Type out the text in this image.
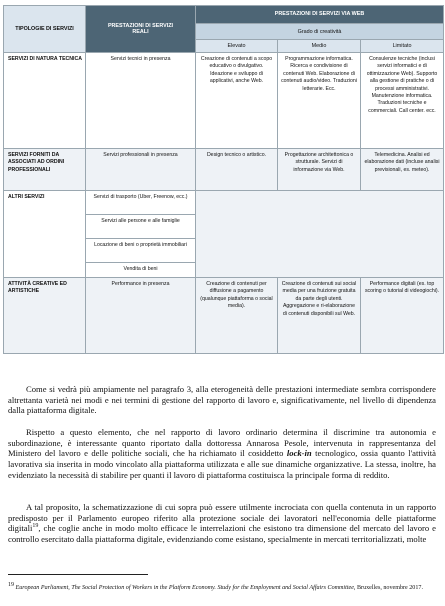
TIPOLOGIE DI SERVIZI	PRESTAZIONI DI SERVIZI REALI	PRESTAZIONI DI SERVIZI VIA WEB		
		Grado di creatività		
		Elevato	Medio	Limitato
SERVIZI DI NATURA TECNICA	Servizi tecnici in presenza	Creazione di contenuti a scopo educativo o divulgativo. Ideazione e sviluppo di applicativi, anche Web.	Programmazione informatica. Ricerca e condivisione di contenuti Web. Elaborazione di contenuti audio/video. Traduzioni letterarie. Ecc.	Consulenze tecniche (inclusi servizi informatici e di ottimizzazione Web). Supporto alla gestione di pratiche o di processi amministrativi. Manutenzione informatica. Traduzioni tecniche e commerciali. Call center. ecc.
SERVIZI FORNITI DA ASSOCIATI AD ORDINI PROFESSIONALI	Servizi professionali in presenza	Design tecnico o artistico.	Progettazione architettonica o strutturale. Servizi di informazione via Web.	Telemedicina. Analisi ed elaborazione dati (incluse analisi previsionali, es. meteo).
ALTRI SERVIZI	Servizi di trasporto (Uber, Freenow, ecc.)			
	Servizi alle persone e alle famiglie			
	Locazione di beni o proprietà immobiliari			
	Vendita di beni			
ATTIVITÀ CREATIVE ED ARTISTICHE	Performance in presenza	Creazione di contenuti per diffusione a pagamento (qualunque piattaforma o social media).	Creazione di contenuti sui social media per una fruizione gratuita da parte degli utenti. Aggregazione e ri-elaborazione di contenuti disponibili sul Web.	Performance digitali (es. top scoring o tutorial di videogiochi).

Come si vedrà più ampiamente nel paragrafo 3, alla eterogeneità delle prestazioni intermediate sembra corrispondere altrettanta varietà nei modi e nei termini di gestione del rapporto di lavoro e, significativamente, nel livello di dipendenza dalla piattaforma digitale.

Rispetto a questo elemento, che nel rapporto di lavoro ordinario determina il discrimine tra autonomia e subordinazione, è interessante quanto riportato dalla dottoressa Annarosa Pesole, intervenuta in rappresentanza del Ministero del lavoro e delle politiche sociali, che ha richiamato il cosiddetto lock-in tecnologico, ossia quanto l'attività lavorativa sia inserita in modo vincolato alla piattaforma utilizzata e alle sue dinamiche organizzative. La stessa, inoltre, ha evidenziato la necessità di stabilire per quanti il lavoro di piattaforma costituisca la principale forma di reddito.

A tal proposito, la schematizzazione di cui sopra può essere utilmente incrociata con quella contenuta in un rapporto predisposto per il Parlamento europeo riferito alla protezione sociale dei lavoratori nell'economia delle piattaforme digitali$^{19}$, che coglie anche in modo molto efficace le interrelazioni che esistono tra dimensione del mercato del lavoro e controllo esercitato dalla piattaforma digitale, evidenziando come esistano, specialmente in mercati territorializzati, molte

19 European Parliament, The Social Protection of Workers in the Platform Economy. Study for the Employment and Social Affairs Committee, Bruxelles, novembre 2017.
